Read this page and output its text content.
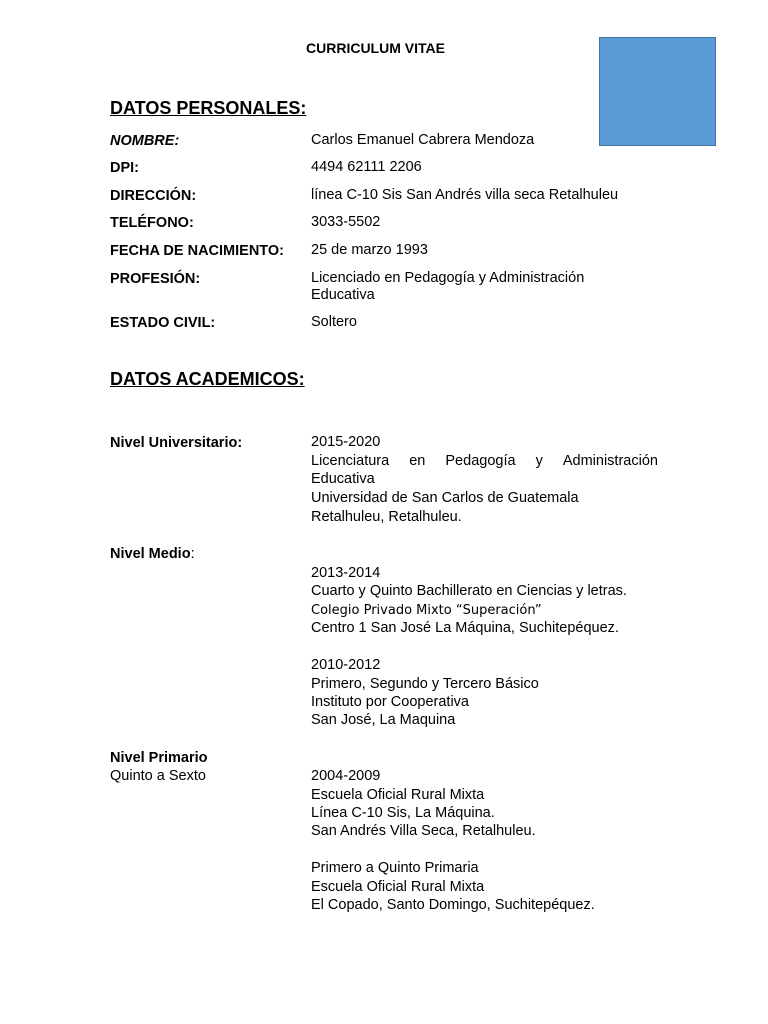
CURRICULUM VITAE
DATOS PERSONALES:
NOMBRE:	Carlos Emanuel Cabrera Mendoza
DPI:	4494 62111 2206
DIRECCIÓN:	línea C-10 Sis San Andrés villa seca Retalhuleu
TELÉFONO:	3033-5502
FECHA DE NACIMIENTO: 25 de marzo 1993
PROFESIÓN:	Licenciado en Pedagogía y Administración
Educativa
ESTADO CIVIL:	Soltero
DATOS ACADEMICOS:
Nivel Universitario:	2015-2020
Licenciatura en Pedagogía y Administración
Educativa
Universidad de San Carlos de Guatemala
Retalhuleu, Retalhuleu.
Nivel Medio:
2013-2014
Cuarto y Quinto Bachillerato en Ciencias y letras.
Colegio Privado Mixto “Superación”
Centro 1 San José La Máquina, Suchitepéquez.
2010-2012
Primero, Segundo y Tercero Básico
Instituto por Cooperativa
San José, La Maquina
Nivel Primario
Quinto a Sexto	2004-2009
Escuela Oficial Rural Mixta
Línea C-10 Sis, La Máquina.
San Andrés Villa Seca, Retalhuleu.
Primero a Quinto Primaria
Escuela Oficial Rural Mixta
El Copado, Santo Domingo, Suchitepéquez.
